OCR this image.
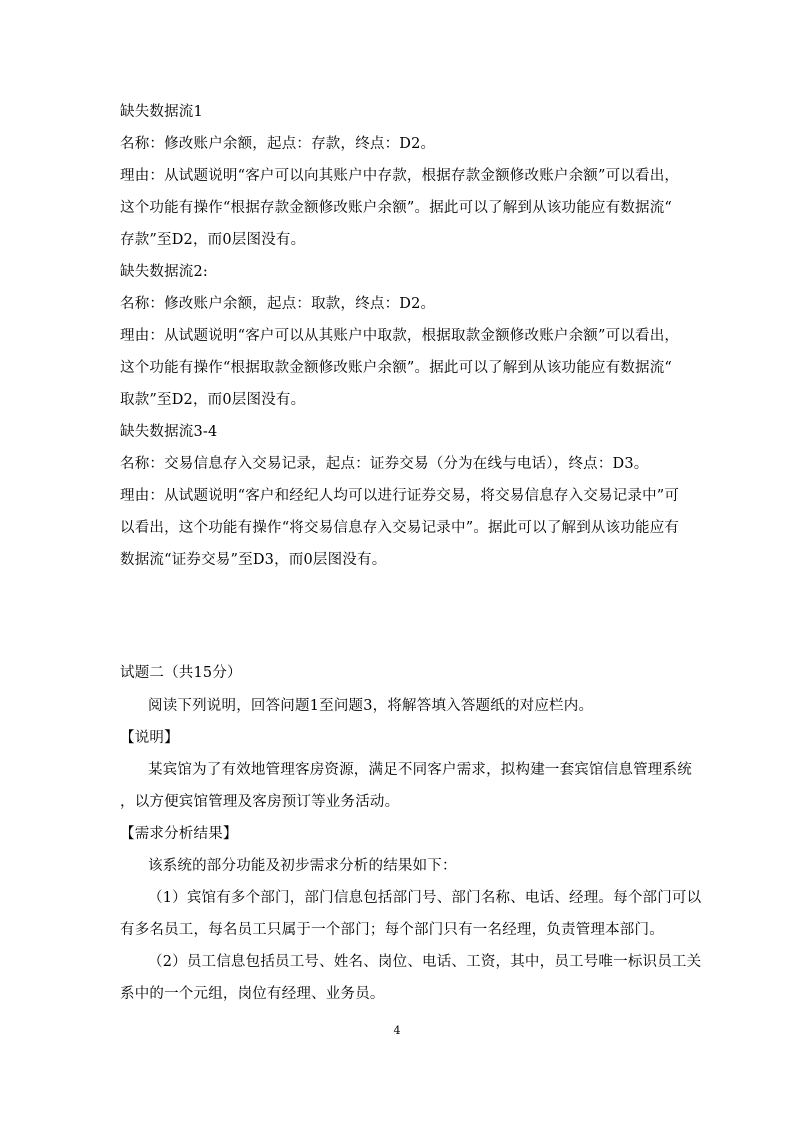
缺失数据流1
名称：修改账户余额，起点：存款，终点：D2。
理由：从试题说明“客户可以向其账户中存款，根据存款金额修改账户余额”可以看出，
这个功能有操作“根据存款金额修改账户余额”。据此可以了解到从该功能应有数据流“
存款”至D2，而0层图没有。
缺失数据流2:
名称：修改账户余额，起点：取款，终点：D2。
理由：从试题说明“客户可以从其账户中取款，根据取款金额修改账户余额”可以看出，
这个功能有操作“根据取款金额修改账户余额”。据此可以了解到从该功能应有数据流“
取款”至D2，而0层图没有。
缺失数据流3-4
名称：交易信息存入交易记录，起点：证券交易（分为在线与电话），终点：D3。
理由：从试题说明“客户和经纪人均可以进行证券交易，将交易信息存入交易记录中”可
以看出，这个功能有操作“将交易信息存入交易记录中”。据此可以了解到从该功能应有
数据流“证券交易”至D3，而0层图没有。
试题二（共15分）
阅读下列说明，回答问题1至问题3，将解答填入答题纸的对应栏内。
【说明】
某宾馆为了有效地管理客房资源，满足不同客户需求，拟构建一套宾馆信息管理系统
，以方便宾馆管理及客房预订等业务活动。
【需求分析结果】
该系统的部分功能及初步需求分析的结果如下：
（1）宾馆有多个部门，部门信息包括部门号、部门名称、电话、经理。每个部门可以
有多名员工，每名员工只属于一个部门；每个部门只有一名经理，负责管理本部门。
（2）员工信息包括员工号、姓名、岗位、电话、工资，其中，员工号唯一标识员工关
系中的一个元组，岗位有经理、业务员。
4
